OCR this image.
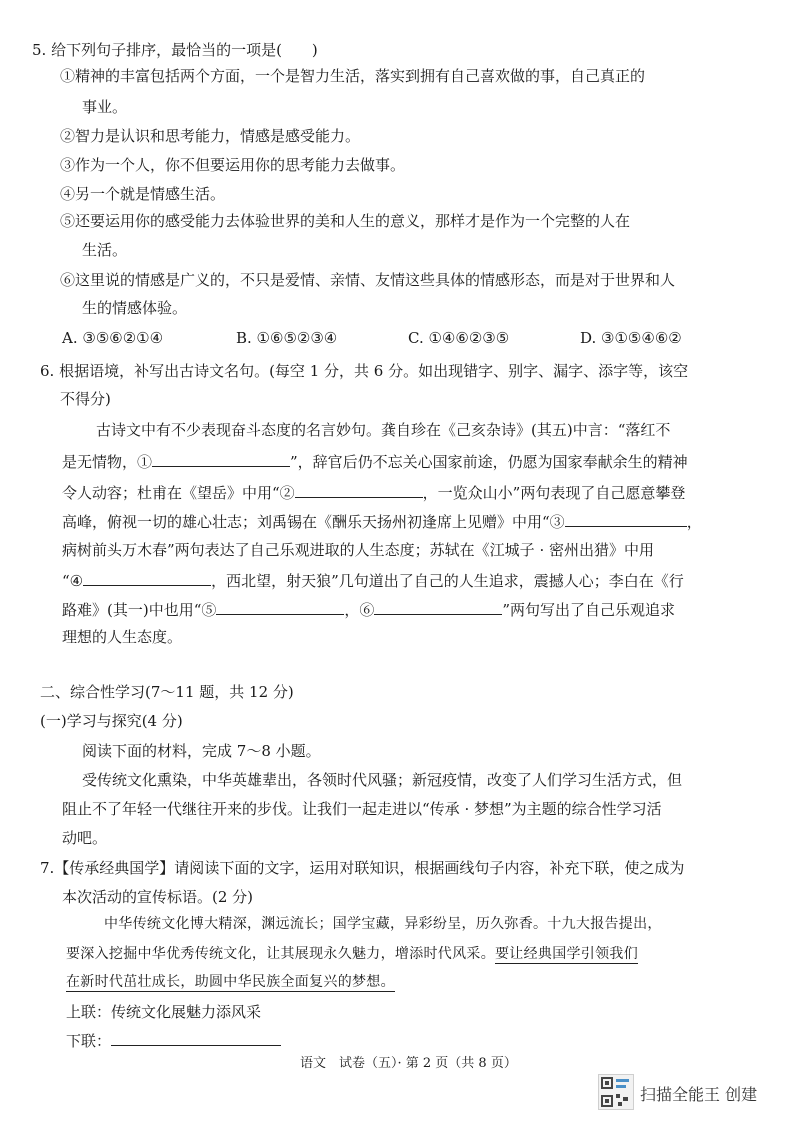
5. 给下列句子排序，最恰当的一项是(　　)
①精神的丰富包括两个方面，一个是智力生活，落实到拥有自己喜欢做的事，自己真正的
事业。
②智力是认识和思考能力，情感是感受能力。
③作为一个人，你不但要运用你的思考能力去做事。
④另一个就是情感生活。
⑤还要运用你的感受能力去体验世界的美和人生的意义，那样才是作为一个完整的人在
生活。
⑥这里说的情感是广义的，不只是爱情、亲情、友情这些具体的情感形态，而是对于世界和人
生的情感体验。
A. ③⑤⑥②①④	B. ①⑥⑤②③④	C. ①④⑥②③⑤	D. ③①⑤④⑥②
6. 根据语境，补写出古诗文名句。(每空 1 分，共 6 分。如出现错字、别字、漏字、添字等，该空
不得分)
古诗文中有不少表现奋斗态度的名言妙句。龚自珍在《己亥杂诗》(其五)中言：“落红不
是无情物，①	”，辞官后仍不忘关心国家前途，仍愿为国家奉献余生的精神
令人动容；杜甫在《望岳》中用“②	，一览众山小”两句表现了自己愿意攀登
高峰，俯视一切的雄心壮志；刘禹锡在《酬乐天扬州初逢席上见赠》中用“③	，
病树前头万木春”两句表达了自己乐观进取的人生态度；苏轼在《江城子 · 密州出猎》中用
“④	，西北望，射天狼”几句道出了自己的人生追求，震撼人心；李白在《行
路难》(其一)中也用“⑤	，⑥	”两句写出了自己乐观追求
理想的人生态度。
二、综合性学习(7～11 题，共 12 分)
(一)学习与探究(4 分)
阅读下面的材料，完成 7～8 小题。
受传统文化熏染，中华英雄辈出，各领时代风骚；新冠疫情，改变了人们学习生活方式，但
阻止不了年轻一代继往开来的步伐。让我们一起走进以“传承 · 梦想”为主题的综合性学习活
动吧。
7.【传承经典国学】请阅读下面的文字，运用对联知识，根据画线句子内容，补充下联，使之成为
本次活动的宣传标语。(2 分)
中华传统文化博大精深，渊远流长；国学宝藏，异彩纷呈，历久弥香。十九大报告提出，
要深入挖掘中华优秀传统文化，让其展现永久魅力，增添时代风采。要让经典国学引领我们
在新时代茁壮成长，助圆中华民族全面复兴的梦想。
上联：传统文化展魅力添风采
下联：
语文　试卷（五）· 第 2 页（共 8 页）
扫描全能王 创建
